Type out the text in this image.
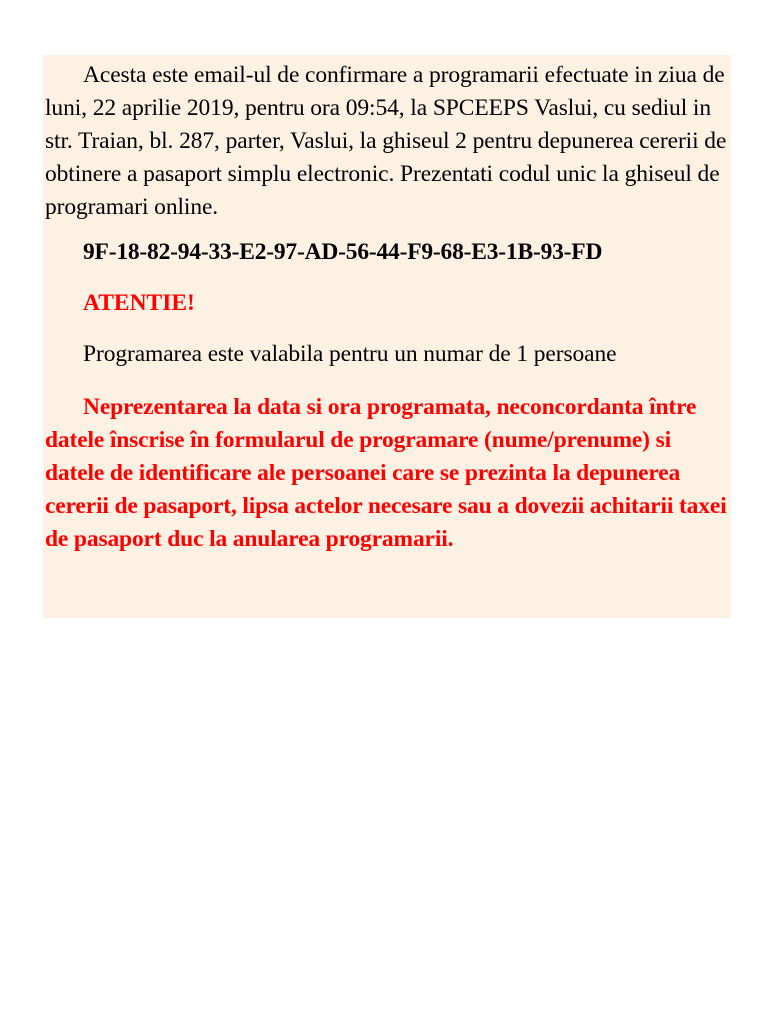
Acesta este email-ul de confirmare a programarii efectuate in ziua de luni, 22 aprilie 2019, pentru ora 09:54, la SPCEEPS Vaslui, cu sediul in str. Traian, bl. 287, parter, Vaslui, la ghiseul 2 pentru depunerea cererii de obtinere a pasaport simplu electronic. Prezentati codul unic la ghiseul de programari online.

9F-18-82-94-33-E2-97-AD-56-44-F9-68-E3-1B-93-FD

ATENTIE!

Programarea este valabila pentru un numar de 1 persoane

Neprezentarea la data si ora programata, neconcordanta între datele înscrise în formularul de programare (nume/prenume) si datele de identificare ale persoanei care se prezinta la depunerea cererii de pasaport, lipsa actelor necesare sau a dovezii achitarii taxei de pasaport duc la anularea programarii.
